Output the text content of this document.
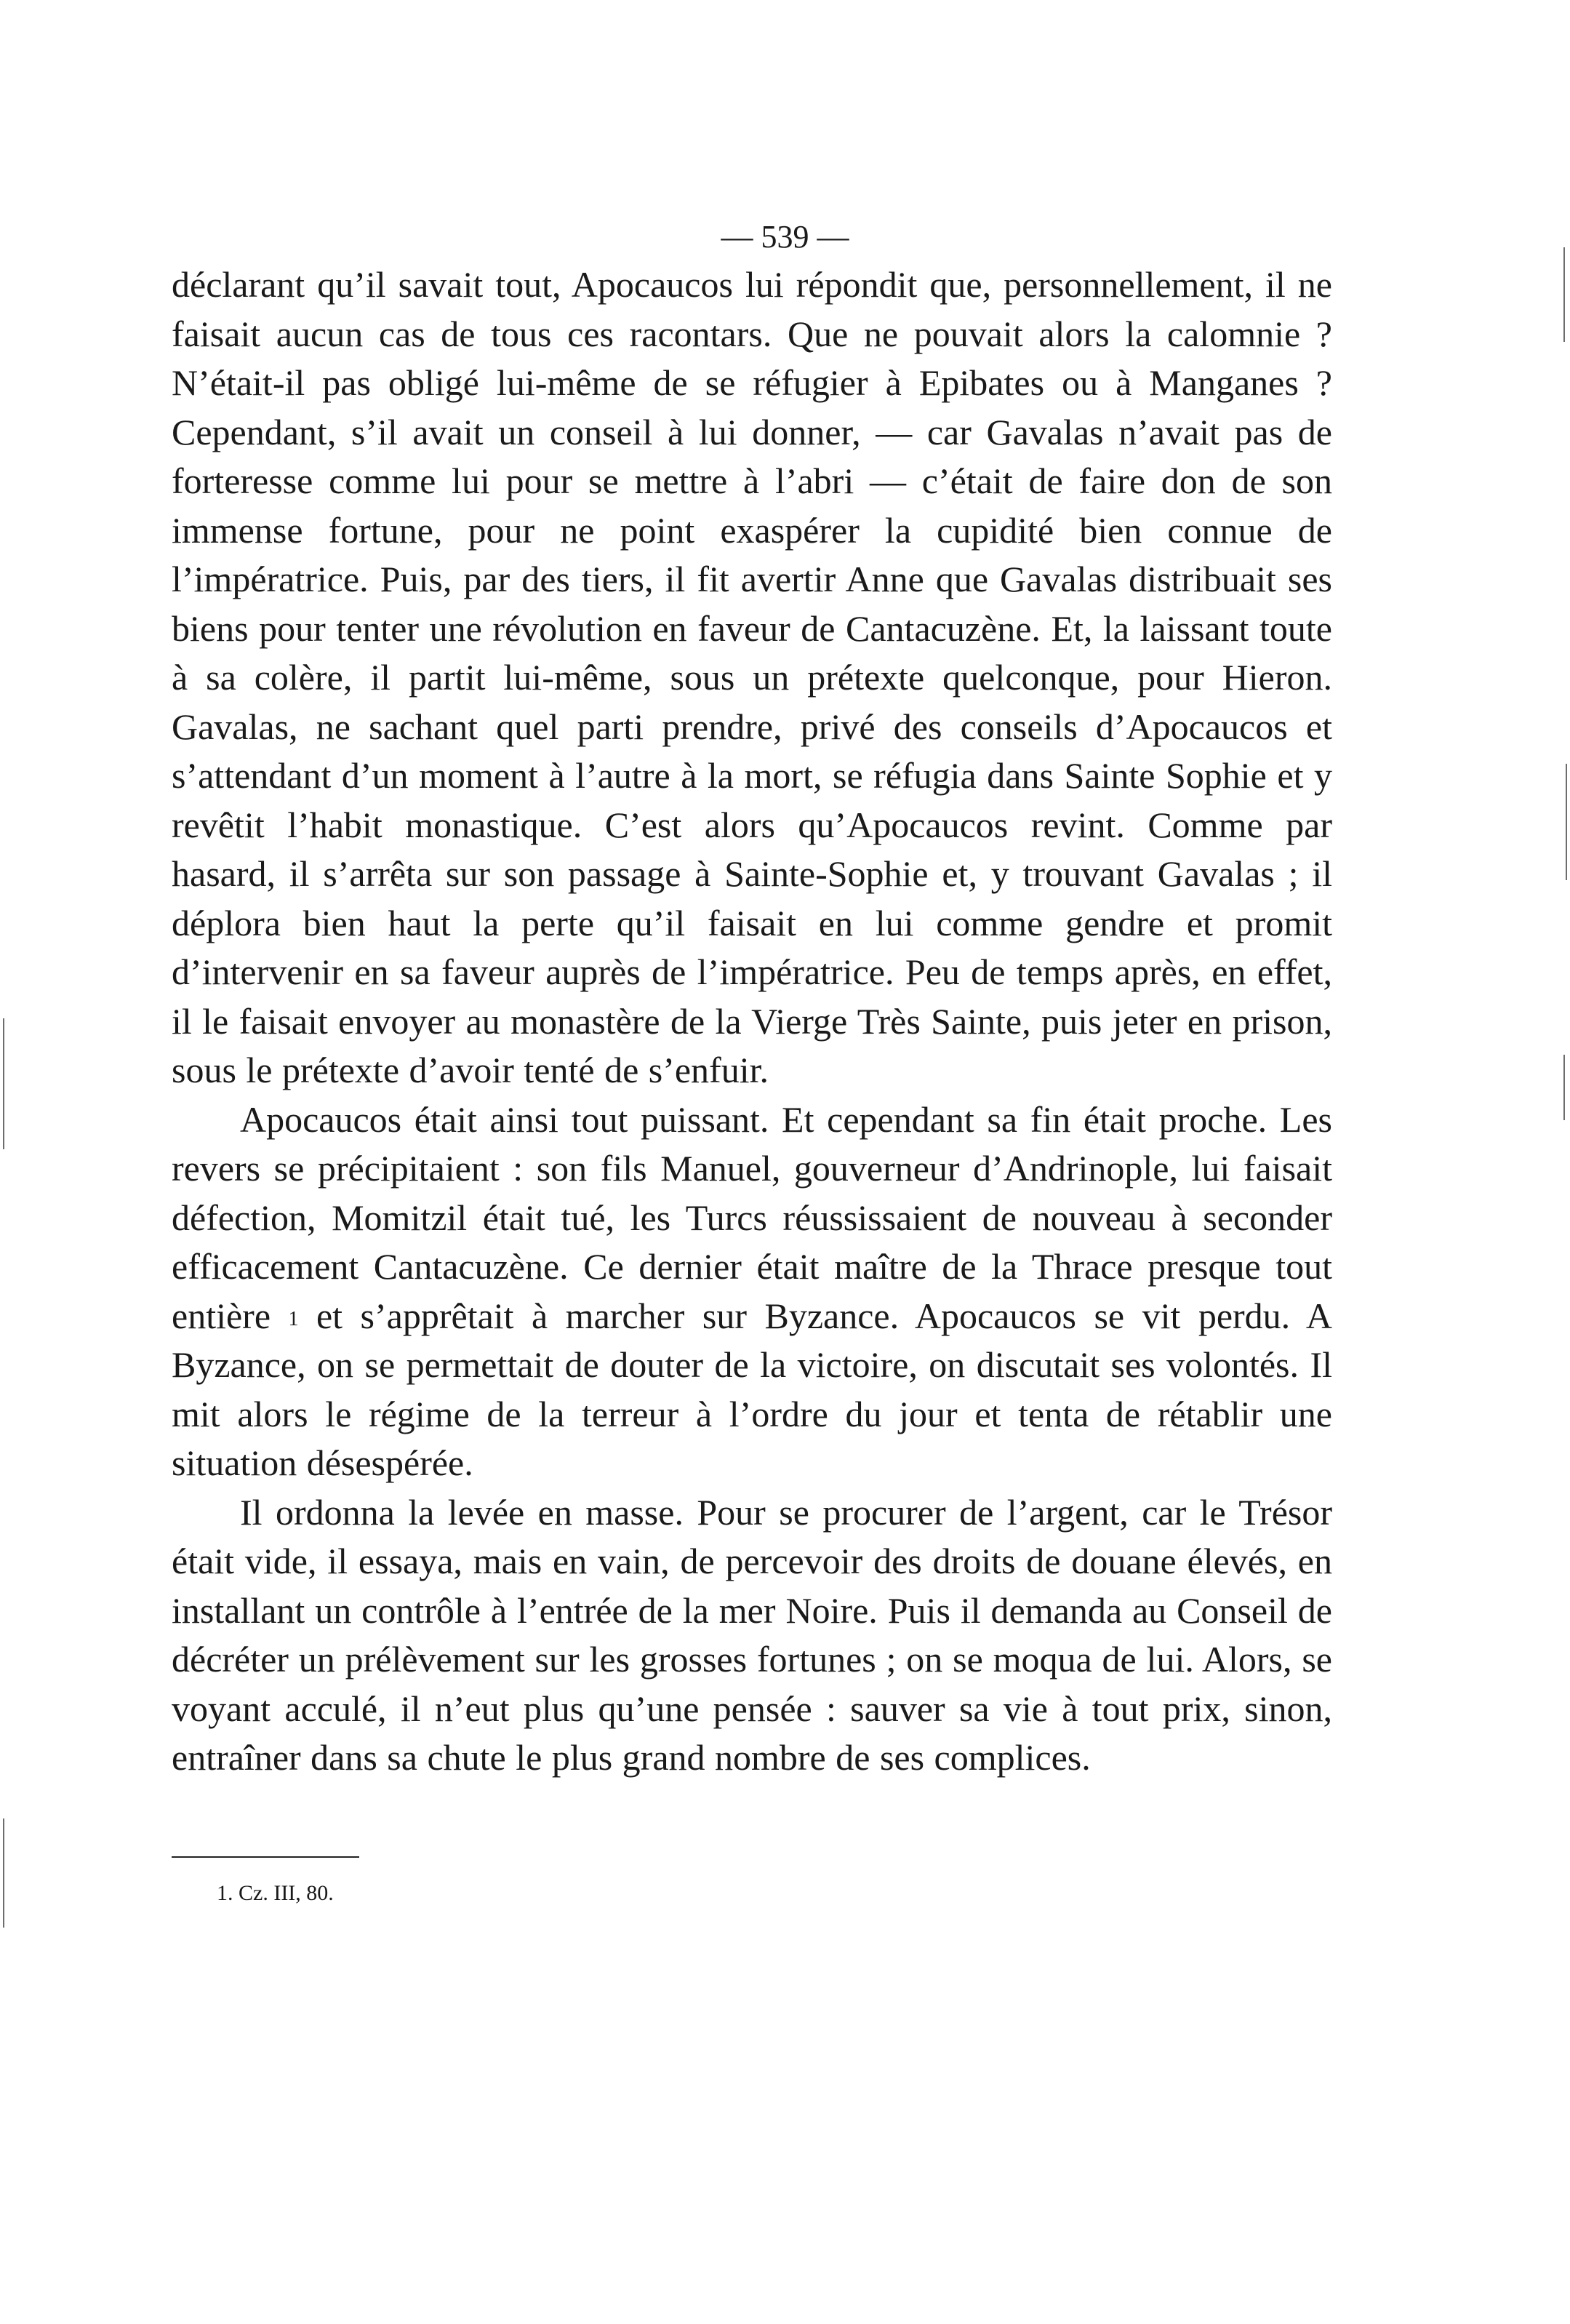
— 539 —

déclarant qu’il savait tout, Apocaucos lui répondit que, personnellement, il ne faisait aucun cas de tous ces racontars. Que ne pouvait alors la calomnie ? N’était-il pas obligé lui-même de se réfugier à Epibates ou à Manganes ? Cependant, s’il avait un conseil à lui donner, — car Gavalas n’avait pas de forteresse comme lui pour se mettre à l’abri — c’était de faire don de son immense fortune, pour ne point exaspérer la cupidité bien connue de l’impératrice. Puis, par des tiers, il fit avertir Anne que Gavalas distribuait ses biens pour tenter une révolution en faveur de Cantacuzène. Et, la laissant toute à sa colère, il partit lui-même, sous un prétexte quelconque, pour Hieron. Gavalas, ne sachant quel parti prendre, privé des conseils d’Apocaucos et s’attendant d’un moment à l’autre à la mort, se réfugia dans Sainte Sophie et y revêtit l’habit monastique. C’est alors qu’Apocaucos revint. Comme par hasard, il s’arrêta sur son passage à Sainte-Sophie et, y trouvant Gavalas ; il déplora bien haut la perte qu’il faisait en lui comme gendre et promit d’intervenir en sa faveur auprès de l’impératrice. Peu de temps après, en effet, il le faisait envoyer au monastère de la Vierge Très Sainte, puis jeter en prison, sous le prétexte d’avoir tenté de s’enfuir.

Apocaucos était ainsi tout puissant. Et cependant sa fin était proche. Les revers se précipitaient : son fils Manuel, gouverneur d’Andrinople, lui faisait défection, Momitzil était tué, les Turcs réussissaient de nouveau à seconder efficacement Cantacuzène. Ce dernier était maître de la Thrace presque tout entière $^1$ et s’apprêtait à marcher sur Byzance. Apocaucos se vit perdu. A Byzance, on se permettait de douter de la victoire, on discutait ses volontés. Il mit alors le régime de la terreur à l’ordre du jour et tenta de rétablir une situation désespérée.

Il ordonna la levée en masse. Pour se procurer de l’argent, car le Trésor était vide, il essaya, mais en vain, de percevoir des droits de douane élevés, en installant un contrôle à l’entrée de la mer Noire. Puis il demanda au Conseil de décréter un prélèvement sur les grosses fortunes ; on se moqua de lui. Alors, se voyant acculé, il n’eut plus qu’une pensée : sauver sa vie à tout prix, sinon, entraîner dans sa chute le plus grand nombre de ses complices.

1. Cz. III, 80.
